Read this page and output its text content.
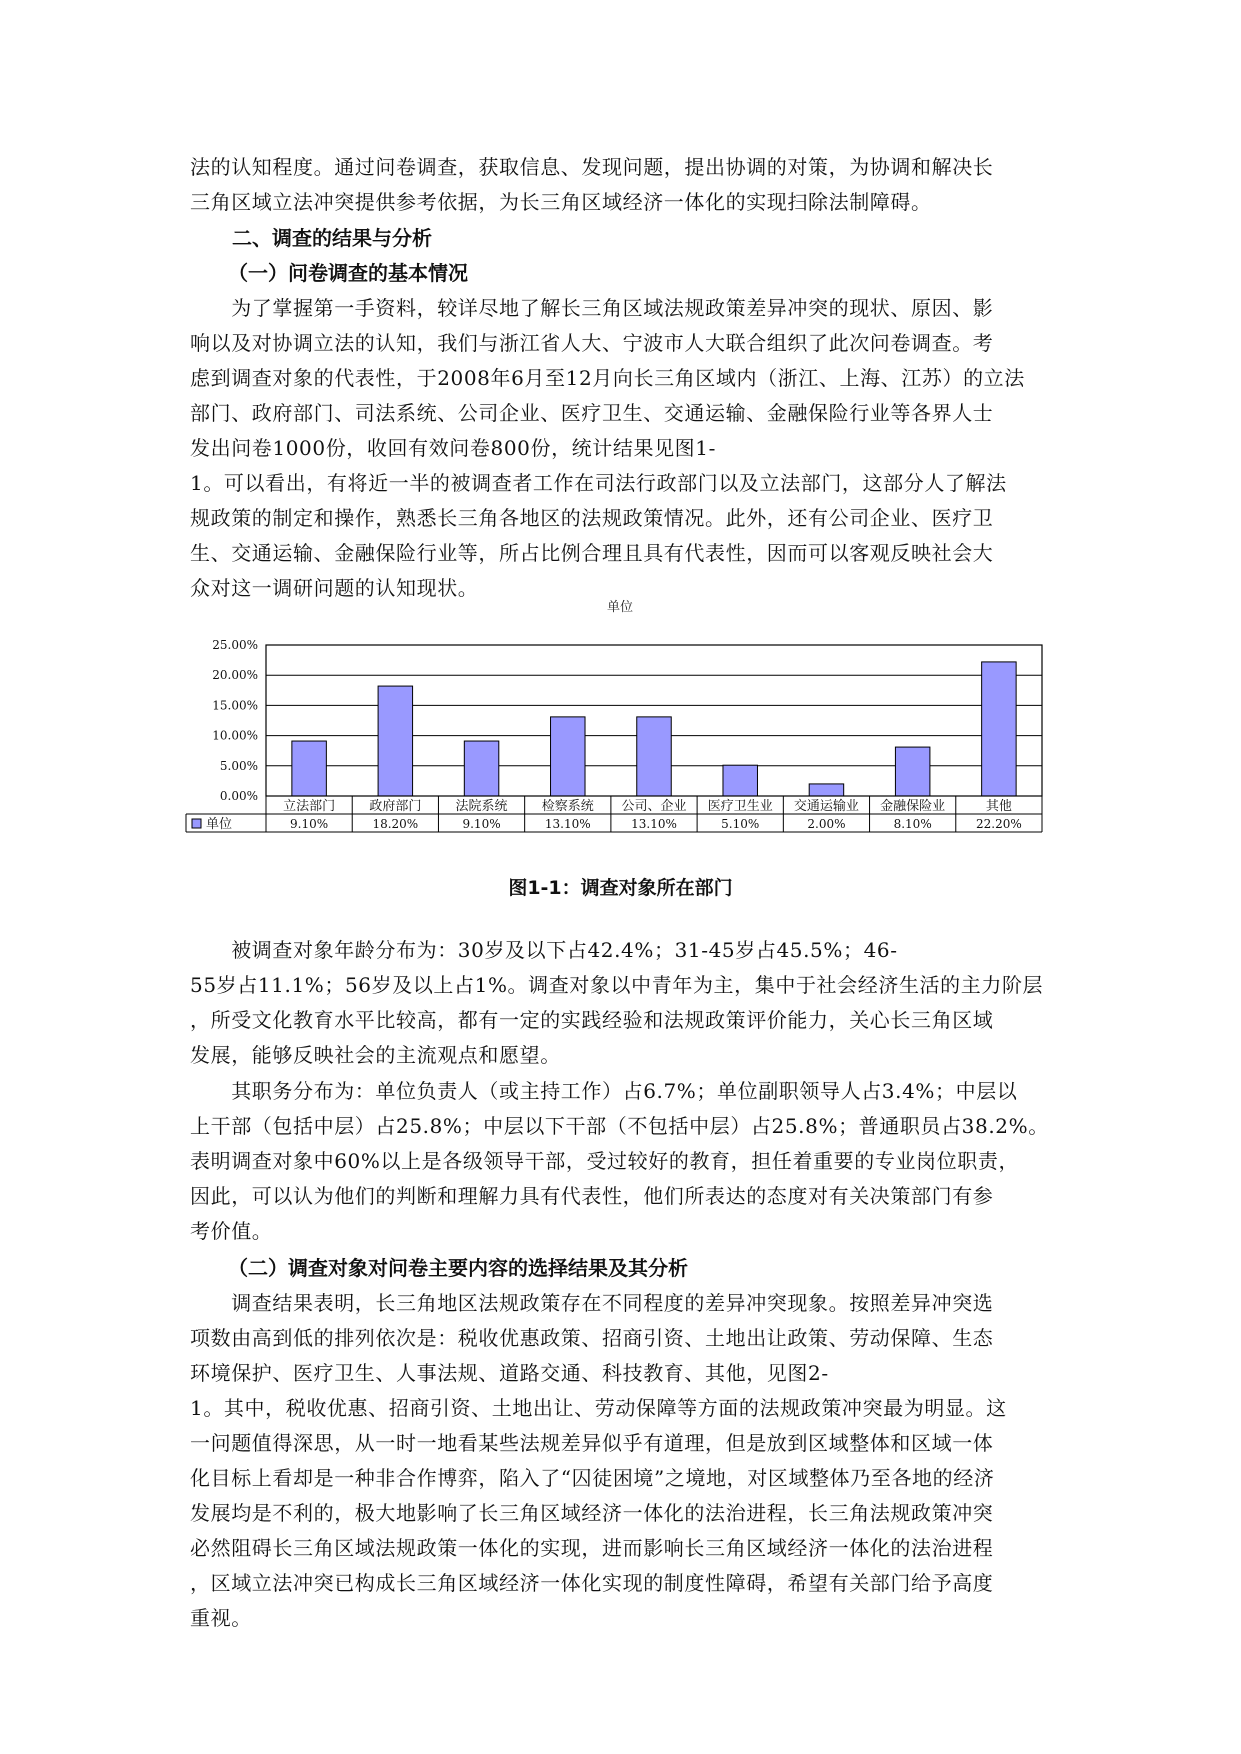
法的认知程度。通过问卷调查，获取信息、发现问题，提出协调的对策，为协调和解决长
三角区域立法冲突提供参考依据，为长三角区域经济一体化的实现扫除法制障碍。
二、调查的结果与分析
（一）问卷调查的基本情况
　　为了掌握第一手资料，较详尽地了解长三角区域法规政策差异冲突的现状、原因、影
响以及对协调立法的认知，我们与浙江省人大、宁波市人大联合组织了此次问卷调查。考
虑到调查对象的代表性，于2008年6月至12月向长三角区域内（浙江、上海、江苏）的立法
部门、政府部门、司法系统、公司企业、医疗卫生、交通运输、金融保险行业等各界人士
发出问卷1000份，收回有效问卷800份，统计结果见图1-
1。可以看出，有将近一半的被调查者工作在司法行政部门以及立法部门，这部分人了解法
规政策的制定和操作，熟悉长三角各地区的法规政策情况。此外，还有公司企业、医疗卫
生、交通运输、金融保险行业等，所占比例合理且具有代表性，因而可以客观反映社会大
众对这一调研问题的认知现状。
单位
0.00%
5.00%
10.00%
15.00%
20.00%
25.00%
立法部门
9.10%
政府部门
18.20%
法院系统
9.10%
检察系统
13.10%
公司、企业
13.10%
医疗卫生业
5.10%
交通运输业
2.00%
金融保险业
8.10%
其他
22.20%
单位
图1-1：调查对象所在部门
　　被调查对象年龄分布为：30岁及以下占42.4%；31-45岁占45.5%；46-
55岁占11.1%；56岁及以上占1%。调查对象以中青年为主，集中于社会经济生活的主力阶层
，所受文化教育水平比较高，都有一定的实践经验和法规政策评价能力，关心长三角区域
发展，能够反映社会的主流观点和愿望。
　　其职务分布为：单位负责人（或主持工作）占6.7%；单位副职领导人占3.4%；中层以
上干部（包括中层）占25.8%；中层以下干部（不包括中层）占25.8%；普通职员占38.2%。
表明调查对象中60%以上是各级领导干部，受过较好的教育，担任着重要的专业岗位职责，
因此，可以认为他们的判断和理解力具有代表性，他们所表达的态度对有关决策部门有参
考价值。
（二）调查对象对问卷主要内容的选择结果及其分析
　　调查结果表明，长三角地区法规政策存在不同程度的差异冲突现象。按照差异冲突选
项数由高到低的排列依次是：税收优惠政策、招商引资、土地出让政策、劳动保障、生态
环境保护、医疗卫生、人事法规、道路交通、科技教育、其他，见图2-
1。其中，税收优惠、招商引资、土地出让、劳动保障等方面的法规政策冲突最为明显。这
一问题值得深思，从一时一地看某些法规差异似乎有道理，但是放到区域整体和区域一体
化目标上看却是一种非合作博弈，陷入了“囚徒困境”之境地，对区域整体乃至各地的经济
发展均是不利的，极大地影响了长三角区域经济一体化的法治进程，长三角法规政策冲突
必然阻碍长三角区域法规政策一体化的实现，进而影响长三角区域经济一体化的法治进程
，区域立法冲突已构成长三角区域经济一体化实现的制度性障碍，希望有关部门给予高度
重视。
